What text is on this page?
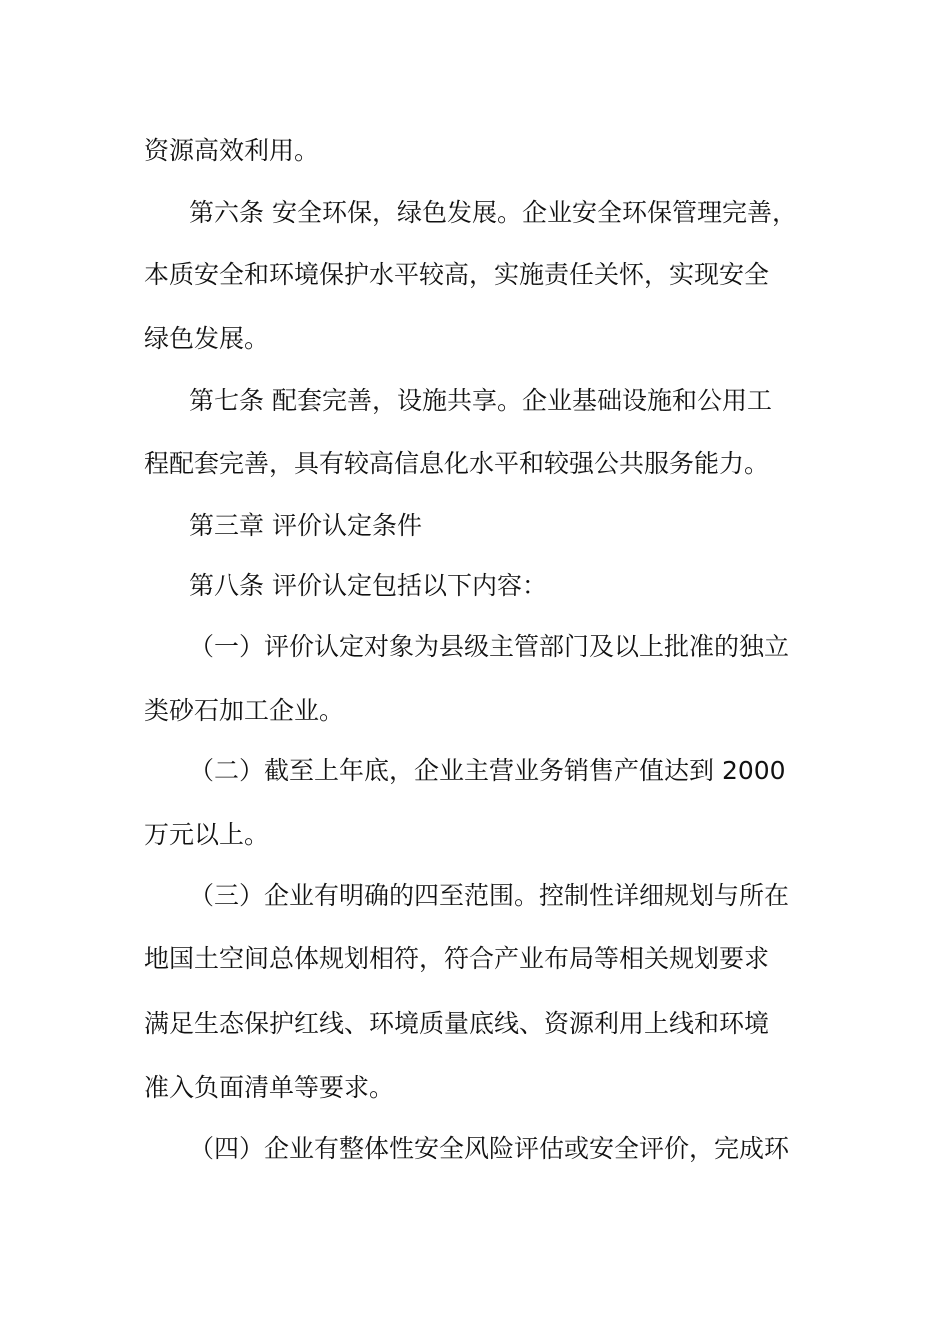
资源高效利用。
第六条 安全环保，绿色发展。企业安全环保管理完善，
本质安全和环境保护水平较高，实施责任关怀，实现安全
绿色发展。
第七条 配套完善，设施共享。企业基础设施和公用工
程配套完善，具有较高信息化水平和较强公共服务能力。
第三章 评价认定条件
第八条 评价认定包括以下内容：
（一）评价认定对象为县级主管部门及以上批准的独立
类砂石加工企业。
（二）截至上年底，企业主营业务销售产值达到 2000
万元以上。
（三）企业有明确的四至范围。控制性详细规划与所在
地国土空间总体规划相符，符合产业布局等相关规划要求
满足生态保护红线、环境质量底线、资源利用上线和环境
准入负面清单等要求。
（四）企业有整体性安全风险评估或安全评价，完成环
